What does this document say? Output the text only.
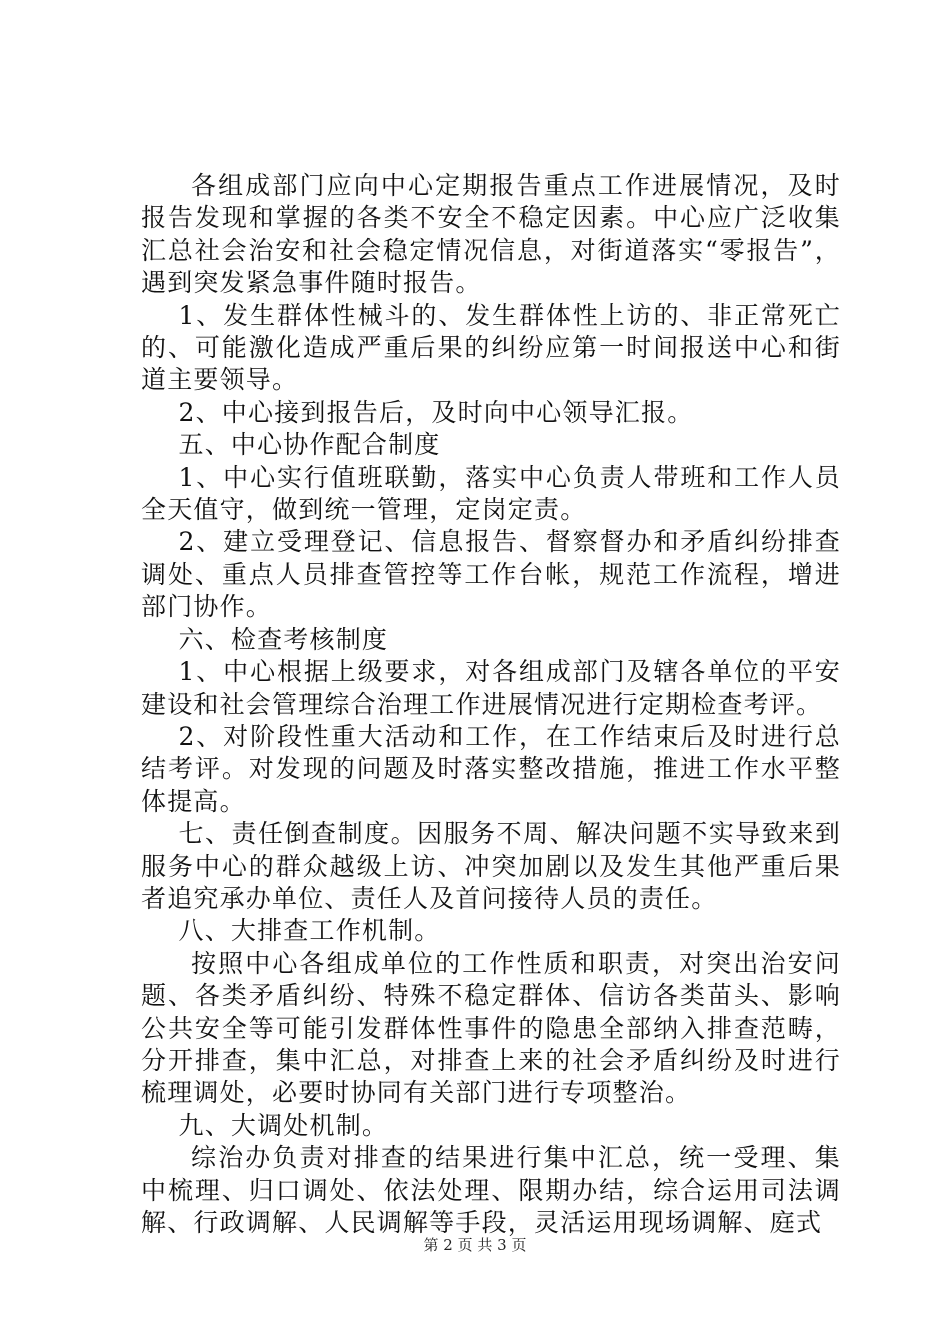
各组成部门应向中心定期报告重点工作进展情况，及时报告发现和掌握的各类不安全不稳定因素。中心应广泛收集汇总社会治安和社会稳定情况信息，对街道落实“零报告”，遇到突发紧急事件随时报告。

1、发生群体性械斗的、发生群体性上访的、非正常死亡的、可能激化造成严重后果的纠纷应第一时间报送中心和街道主要领导。

2、中心接到报告后，及时向中心领导汇报。

五、中心协作配合制度

1、中心实行值班联勤，落实中心负责人带班和工作人员全天值守，做到统一管理，定岗定责。

2、建立受理登记、信息报告、督察督办和矛盾纠纷排查调处、重点人员排查管控等工作台帐，规范工作流程，增进部门协作。

六、检查考核制度

1、中心根据上级要求，对各组成部门及辖各单位的平安建设和社会管理综合治理工作进展情况进行定期检查考评。

2、对阶段性重大活动和工作，在工作结束后及时进行总结考评。对发现的问题及时落实整改措施，推进工作水平整体提高。

七、责任倒查制度。因服务不周、解决问题不实导致来到服务中心的群众越级上访、冲突加剧以及发生其他严重后果者追究承办单位、责任人及首问接待人员的责任。

八、大排查工作机制。

按照中心各组成单位的工作性质和职责，对突出治安问题、各类矛盾纠纷、特殊不稳定群体、信访各类苗头、影响公共安全等可能引发群体性事件的隐患全部纳入排查范畴，分开排查，集中汇总，对排查上来的社会矛盾纠纷及时进行梳理调处，必要时协同有关部门进行专项整治。

九、大调处机制。

综治办负责对排查的结果进行集中汇总，统一受理、集中梳理、归口调处、依法处理、限期办结，综合运用司法调解、行政调解、人民调解等手段，灵活运用现场调解、庭式

第 2 页 共 3 页
